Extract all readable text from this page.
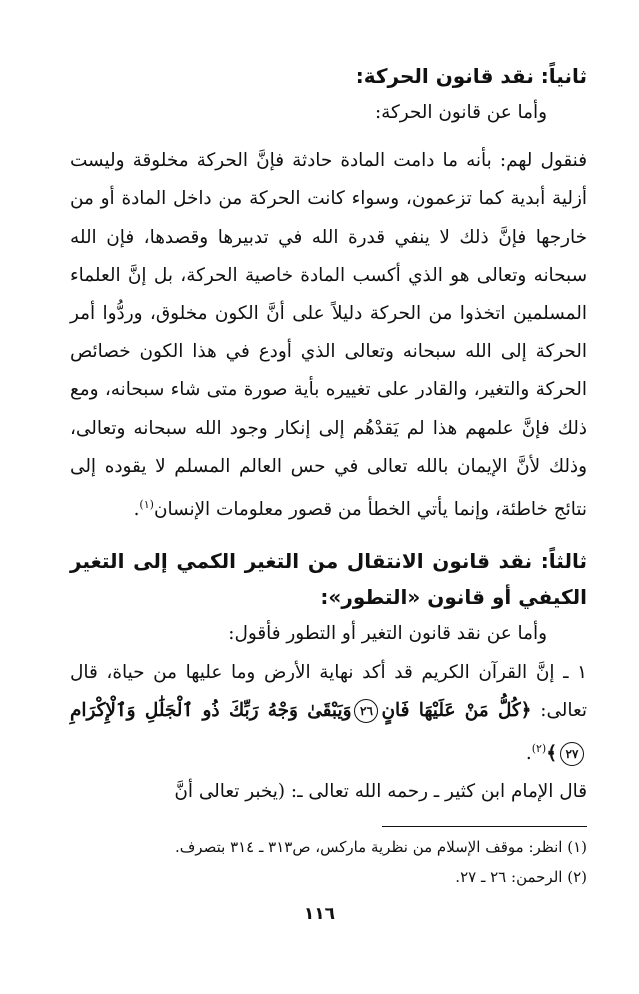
ثانياً: نقد قانون الحركة:

وأما عن قانون الحركة:

فنقول لهم: بأنه ما دامت المادة حادثة فإنَّ الحركة مخلوقة وليست أزلية أبدية كما تزعمون، وسواء كانت الحركة من داخل المادة أو من خارجها فإنَّ ذلك لا ينفي قدرة الله في تدبيرها وقصدها، فإن الله سبحانه وتعالى هو الذي أكسب المادة خاصية الحركة، بل إنَّ العلماء المسلمين اتخذوا من الحركة دليلاً على أنَّ الكون مخلوق، وردُّوا أمر الحركة إلى الله سبحانه وتعالى الذي أودع في هذا الكون خصائص الحركة والتغير، والقادر على تغييره بأية صورة متى شاء سبحانه، ومع ذلك فإنَّ علمهم هذا لم يَقدْهُم إلى إنكار وجود الله سبحانه وتعالى، وذلك لأنَّ الإيمان بالله تعالى في حس العالم المسلم لا يقوده إلى نتائج خاطئة، وإنما يأتي الخطأ من قصور معلومات الإنسان$^{(١)}$.

ثالثاً: نقد قانون الانتقال من التغير الكمي إلى التغير الكيفي أو قانون «التطور»:

وأما عن نقد قانون التغير أو التطور فأقول:

١ ـ إنَّ القرآن الكريم قد أكد نهاية الأرض وما عليها من حياة، قال تعالى: ﴿كُلُّ مَنْ عَلَيْهَا فَانٍ٢٦وَيَبْقَىٰ وَجْهُ رَبِّكَ ذُو ٱلْجَلَٰلِ وَٱلْإِكْرَامِ٢٧﴾$^{(٢)}$.

قال الإمام ابن كثير ـ رحمه الله تعالى ـ: (يخبر تعالى أنَّ

(١) انظر: موقف الإسلام من نظرية ماركس، ص٣١٣ ـ ٣١٤ بتصرف.

(٢) الرحمن: ٢٦ ـ ٢٧.

١١٦
